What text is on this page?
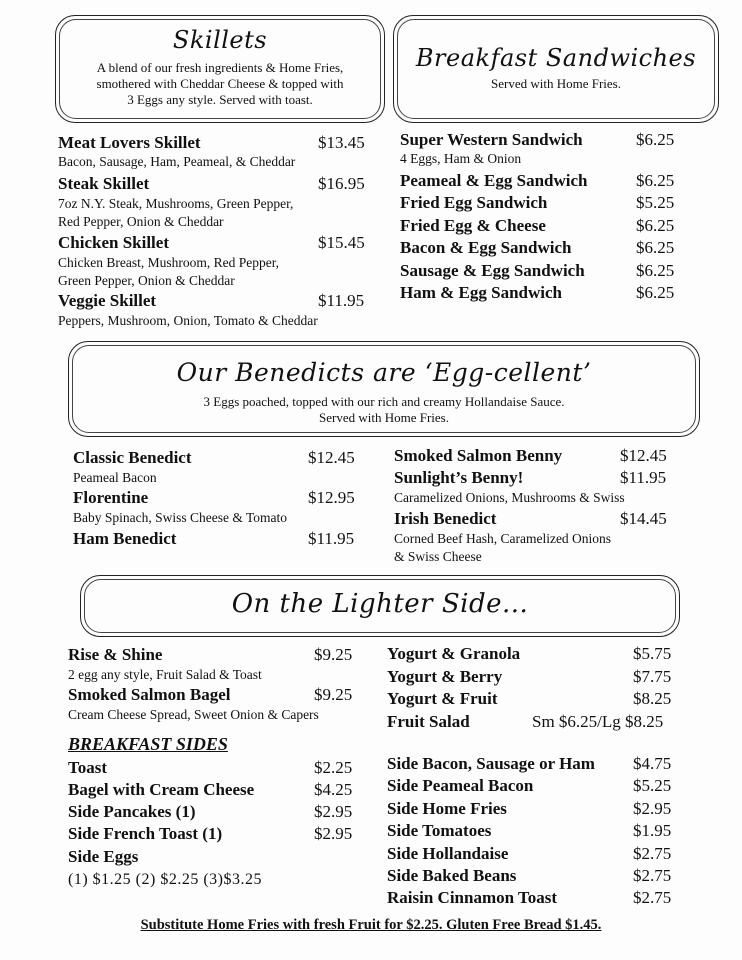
Skillets
A blend of our fresh ingredients & Home Fries,
smothered with Cheddar Cheese & topped with
3 Eggs any style. Served with toast.
Breakfast Sandwiches
Served with Home Fries.
Meat Lovers Skillet	$13.45
Bacon, Sausage, Ham, Peameal, & Cheddar
Steak Skillet	$16.95
7oz N.Y. Steak, Mushrooms, Green Pepper,
Red Pepper, Onion & Cheddar
Chicken Skillet	$15.45
Chicken Breast, Mushroom, Red Pepper,
Green Pepper, Onion & Cheddar
Veggie Skillet	$11.95
Peppers, Mushroom, Onion, Tomato & Cheddar
Super Western Sandwich	$6.25
4 Eggs, Ham & Onion
Peameal & Egg Sandwich	$6.25
Fried Egg Sandwich	$5.25
Fried Egg & Cheese	$6.25
Bacon & Egg Sandwich	$6.25
Sausage & Egg Sandwich	$6.25
Ham & Egg Sandwich	$6.25
Our Benedicts are ‘Egg-cellent’
3 Eggs poached, topped with our rich and creamy Hollandaise Sauce.
Served with Home Fries.
Classic Benedict	$12.45
Peameal Bacon
Florentine	$12.95
Baby Spinach, Swiss Cheese & Tomato
Ham Benedict	$11.95
Smoked Salmon Benny	$12.45
Sunlight’s Benny!	$11.95
Caramelized Onions, Mushrooms & Swiss
Irish Benedict	$14.45
Corned Beef Hash, Caramelized Onions
& Swiss Cheese
On the Lighter Side...
Rise & Shine	$9.25
2 egg any style, Fruit Salad & Toast
Smoked Salmon Bagel	$9.25
Cream Cheese Spread, Sweet Onion & Capers
Yogurt & Granola	$5.75
Yogurt & Berry	$7.75
Yogurt & Fruit	$8.25
Fruit Salad	Sm $6.25/Lg $8.25
BREAKFAST SIDES
Toast	$2.25
Bagel with Cream Cheese	$4.25
Side Pancakes (1)	$2.95
Side French Toast (1)	$2.95
Side Eggs
(1) $1.25 (2) $2.25 (3)$3.25
Side Bacon, Sausage or Ham $4.75
Side Peameal Bacon	$5.25
Side Home Fries	$2.95
Side Tomatoes	$1.95
Side Hollandaise	$2.75
Side Baked Beans	$2.75
Raisin Cinnamon Toast	$2.75
Substitute Home Fries with fresh Fruit for $2.25. Gluten Free Bread $1.45.
